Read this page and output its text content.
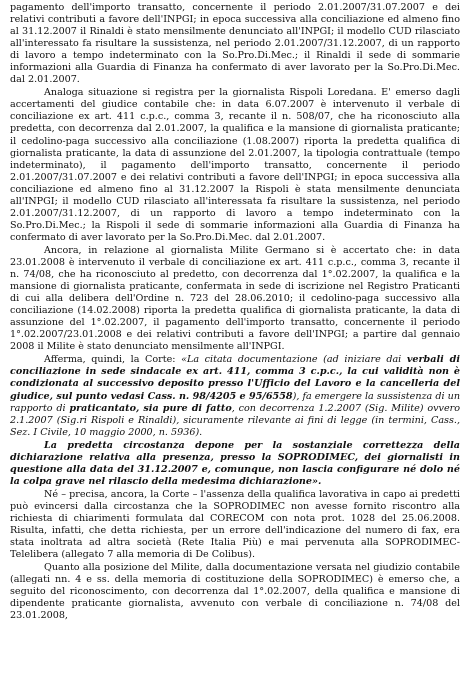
pagamento dell'importo transatto, concernente il periodo 2.01.2007/31.07.2007 e dei relativi contributi a favore dell'INPGI; in epoca successiva alla conciliazione ed almeno fino al 31.12.2007 il Rinaldi è stato mensilmente denunciato all'INPGI; il modello CUD rilasciato all'interessato fa risultare la sussistenza, nel periodo 2.01.2007/31.12.2007, di un rapporto di lavoro a tempo indeterminato con la So.Pro.Di.Mec.; il Rinaldi il sede di sommarie informazioni alla Guardia di Finanza ha confermato di aver lavorato per la So.Pro.Di.Mec. dal 2.01.2007.

Analoga situazione si registra per la giornalista Rispoli Loredana. E' emerso dagli accertamenti del giudice contabile che: in data 6.07.2007 è intervenuto il verbale di conciliazione ex art. 411 c.p.c., comma 3, recante il n. 508/07, che ha riconosciuto alla predetta, con decorrenza dal 2.01.2007, la qualifica e la mansione di giornalista praticante; il cedolino-paga successivo alla conciliazione (1.08.2007) riporta la predetta qualifica di giornalista praticante, la data di assunzione del 2.01.2007, la tipologia contrattuale (tempo indeterminato), il pagamento dell'importo transatto, concernente il periodo 2.01.2007/31.07.2007 e dei relativi contributi a favore dell'INPGI; in epoca successiva alla conciliazione ed almeno fino al 31.12.2007 la Rispoli è stata mensilmente denunciata all'INPGI; il modello CUD rilasciato all'interessata fa risultare la sussistenza, nel periodo 2.01.2007/31.12.2007, di un rapporto di lavoro a tempo indeterminato con la So.Pro.Di.Mec.; la Rispoli il sede di sommarie informazioni alla Guardia di Finanza ha confermato di aver lavorato per la So.Pro.Di.Mec. dal 2.01.2007.

Ancora, in relazione al giornalista Milite Germano si è accertato che: in data 23.01.2008 è intervenuto il verbale di conciliazione ex art. 411 c.p.c., comma 3, recante il n. 74/08, che ha riconosciuto al predetto, con decorrenza dal 1°.02.2007, la qualifica e la mansione di giornalista praticante, confermata in sede di iscrizione nel Registro Praticanti di cui alla delibera dell'Ordine n. 723 del 28.06.2010; il cedolino-paga successivo alla conciliazione (14.02.2008) riporta la predetta qualifica di giornalista praticante, la data di assunzione del 1°.02.2007, il pagamento dell'importo transatto, concernente il periodo 1°.02.2007/23.01.2008 e dei relativi contributi a favore dell'INPGI; a partire dal gennaio 2008 il Milite è stato denunciato mensilmente all'INPGI.

Afferma, quindi, la Corte: «La citata documentazione (ad iniziare dai verbali di conciliazione in sede sindacale ex art. 411, comma 3 c.p.c., la cui validità non è condizionata al successivo deposito presso l'Ufficio del Lavoro e la cancelleria del giudice, sul punto vedasi Cass. n. 98/4205 e 95/6558), fa emergere la sussistenza di un rapporto di praticantato, sia pure di fatto, con decorrenza 1.2.2007 (Sig. Milite) ovvero 2.1.2007 (Sig.ri Rispoli e Rinaldi), sicuramente rilevante ai fini di legge (in termini, Cass., Sez. I Civile, 10 maggio 2000, n. 5936).

La predetta circostanza depone per la sostanziale correttezza della dichiarazione relativa alla presenza, presso la SOPRODIMEC, dei giornalisti in questione alla data del 31.12.2007 e, comunque, non lascia configurare né dolo né la colpa grave nel rilascio della medesima dichiarazione».

Né – precisa, ancora, la Corte – l'assenza della qualifica lavorativa in capo ai predetti può evincersi dalla circostanza che la SOPRODIMEC non avesse fornito riscontro alla richiesta di chiarimenti formulata dal CORECOM con nota prot. 1028 del 25.06.2008. Risulta, infatti, che detta richiesta, per un errore dell'indicazione del numero di fax, era stata inoltrata ad altra società (Rete Italia Più) e mai pervenuta alla SOPRODIMEC- Telelibera (allegato 7 alla memoria di De Colibus).

Quanto alla posizione del Milite, dalla documentazione versata nel giudizio contabile (allegati nn. 4 e ss. della memoria di costituzione della SOPRODIMEC) è emerso che, a seguito del riconoscimento, con decorrenza dal 1°.02.2007, della qualifica e mansione di dipendente praticante giornalista, avvenuto con verbale di conciliazione n. 74/08 del 23.01.2008,
